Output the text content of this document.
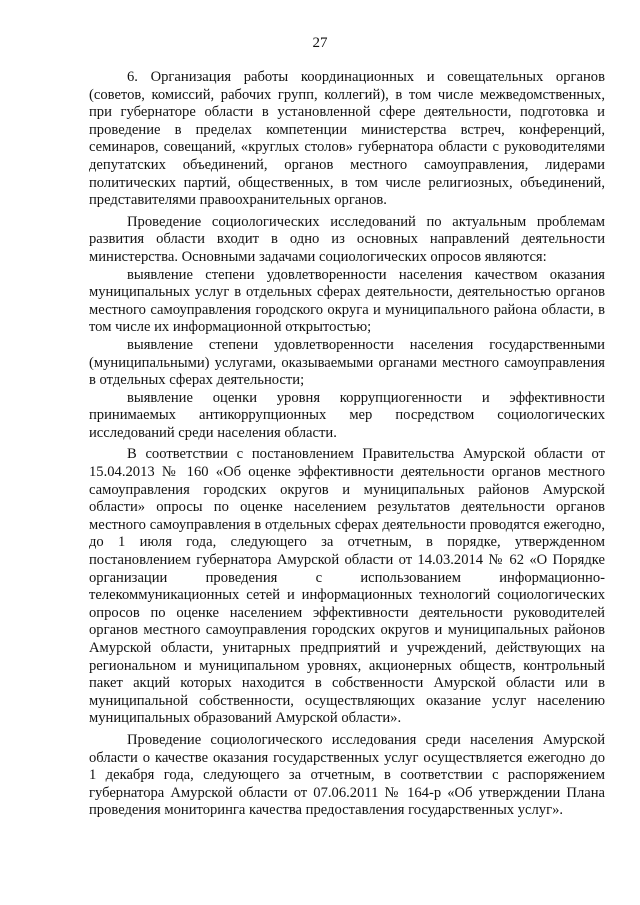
27

6. Организация работы координационных и совещательных органов (советов, комиссий, рабочих групп, коллегий), в том числе межведомственных, при губернаторе области в установленной сфере деятельности, подготовка и проведение в пределах компетенции министерства встреч, конференций, семинаров, совещаний, «круглых столов» губернатора области с руководителями депутатских объединений, органов местного самоуправления, лидерами политических партий, общественных, в том числе религиозных, объединений, представителями правоохранительных органов.

Проведение социологических исследований по актуальным проблемам развития области входит в одно из основных направлений деятельности министерства. Основными задачами социологических опросов являются:

выявление степени удовлетворенности населения качеством оказания муниципальных услуг в отдельных сферах деятельности, деятельностью органов местного самоуправления городского округа и муниципального района области, в том числе их информационной открытостью;

выявление степени удовлетворенности населения государственными (муниципальными) услугами, оказываемыми органами местного самоуправления в отдельных сферах деятельности;

выявление оценки уровня коррупциогенности и эффективности принимаемых антикоррупционных мер посредством социологических исследований среди населения области.

В соответствии с постановлением Правительства Амурской области от 15.04.2013 № 160 «Об оценке эффективности деятельности органов местного самоуправления городских округов и муниципальных районов Амурской области» опросы по оценке населением результатов деятельности органов местного самоуправления в отдельных сферах деятельности проводятся ежегодно, до 1 июля года, следующего за отчетным, в порядке, утвержденном постановлением губернатора Амурской области от 14.03.2014 № 62 «О Порядке организации проведения с использованием информационно-телекоммуникационных сетей и информационных технологий социологических опросов по оценке населением эффективности деятельности руководителей органов местного самоуправления городских округов и муниципальных районов Амурской области, унитарных предприятий и учреждений, действующих на региональном и муниципальном уровнях, акционерных обществ, контрольный пакет акций которых находится в собственности Амурской области или в муниципальной собственности, осуществляющих оказание услуг населению муниципальных образований Амурской области».

Проведение социологического исследования среди населения Амурской области о качестве оказания государственных услуг осуществляется ежегодно до 1 декабря года, следующего за отчетным, в соответствии с распоряжением губернатора Амурской области от 07.06.2011 № 164-р «Об утверждении Плана проведения мониторинга качества предоставления государственных услуг».
